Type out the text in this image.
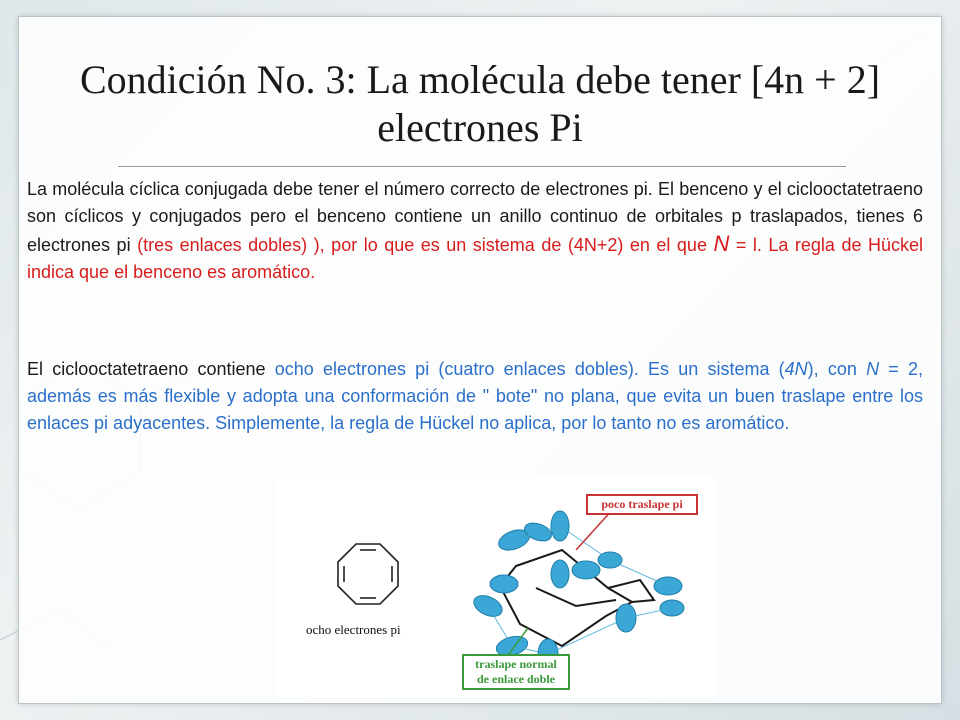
Condición No. 3: La molécula debe tener [4n + 2]
electrones Pi

La molécula cíclica conjugada debe tener el número correcto de electrones pi. El benceno y el ciclooctatetraeno son cíclicos y conjugados pero el benceno contiene un anillo continuo de orbitales p traslapados, tienes 6 electrones pi (tres enlaces dobles) ), por lo que es un sistema de (4N+2) en el que N = l. La regla de Hückel indica que el benceno es aromático.

El ciclooctatetraeno contiene ocho electrones pi (cuatro enlaces dobles). Es un sistema (4N), con N = 2, además es más flexible y adopta una conformación de " bote" no plana, que evita un buen traslape entre los enlaces pi adyacentes. Simplemente, la regla de Hückel no aplica, por lo tanto no es aromático.

ocho electrones pi
poco traslape pi
traslape normal
de enlace doble
